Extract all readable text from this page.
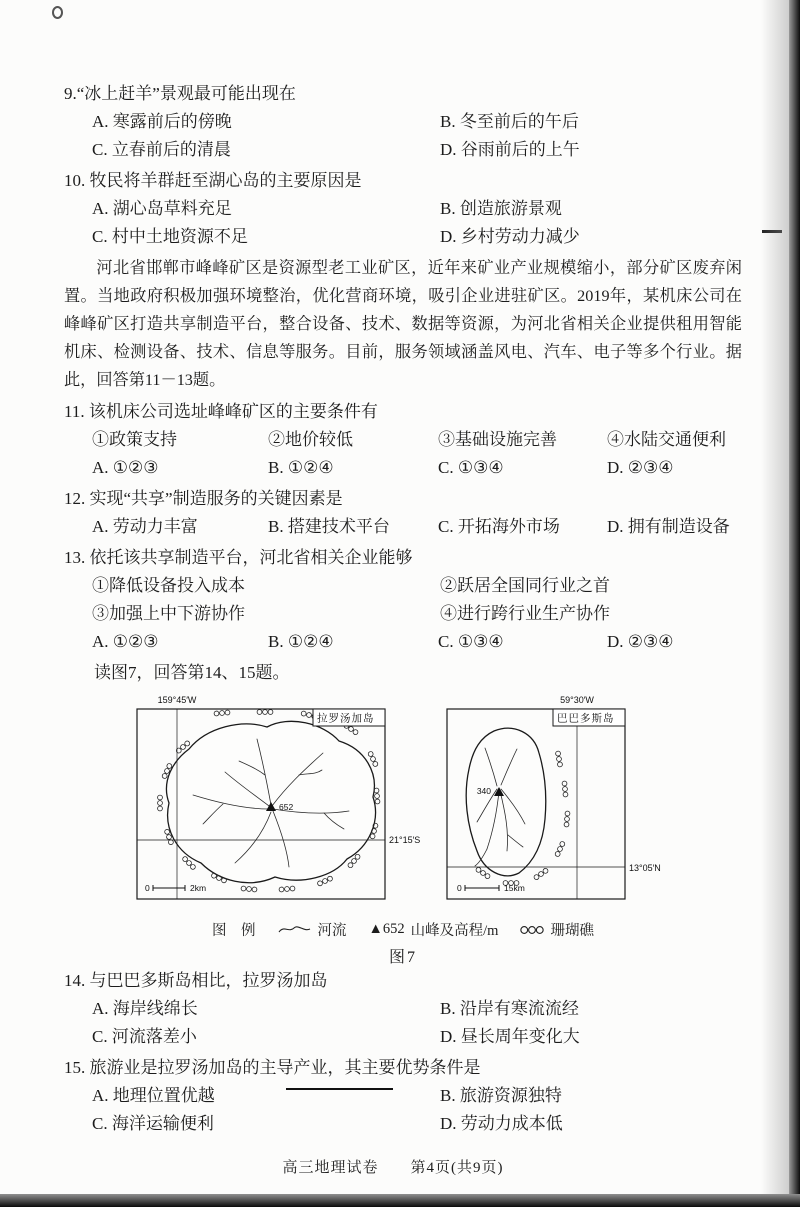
9.“冰上赶羊”景观最可能出现在
A. 寒露前后的傍晚	B. 冬至前后的午后
C. 立春前后的清晨	D. 谷雨前后的上午
10. 牧民将羊群赶至湖心岛的主要原因是
A. 湖心岛草料充足	B. 创造旅游景观
C. 村中土地资源不足	D. 乡村劳动力减少

河北省邯郸市峰峰矿区是资源型老工业矿区，近年来矿业产业规模缩小，部分矿区废弃闲置。当地政府积极加强环境整治，优化营商环境，吸引企业进驻矿区。2019年，某机床公司在峰峰矿区打造共享制造平台，整合设备、技术、数据等资源，为河北省相关企业提供租用智能机床、检测设备、技术、信息等服务。目前，服务领域涵盖风电、汽车、电子等多个行业。据此，回答第11－13题。

11. 该机床公司选址峰峰矿区的主要条件有
①政策支持	②地价较低	③基础设施完善	④水陆交通便利
A. ①②③	B. ①②④	C. ①③④	D. ②③④
12. 实现“共享”制造服务的关键因素是
A. 劳动力丰富	B. 搭建技术平台	C. 开拓海外市场	D. 拥有制造设备
13. 依托该共享制造平台，河北省相关企业能够
①降低设备投入成本	②跃居全国同行业之首
③加强上中下游协作	④进行跨行业生产协作
A. ①②③	B. ①②④	C. ①③④	D. ②③④
读图7，回答第14、15题。
652
拉罗汤加岛
159°45′W
21°15′S
0	2km
340
巴巴多斯岛
59°30′W
13°05′N
0	15km
图　例	河流 ▲652 山峰及高程/m	珊瑚礁
图7
14. 与巴巴多斯岛相比，拉罗汤加岛
A. 海岸线绵长	B. 沿岸有寒流流经
C. 河流落差小	D. 昼长周年变化大
15. 旅游业是拉罗汤加岛的主导产业，其主要优势条件是
A. 地理位置优越	B. 旅游资源独特
C. 海洋运输便利	D. 劳动力成本低
高三地理试卷　　第4页(共9页)
